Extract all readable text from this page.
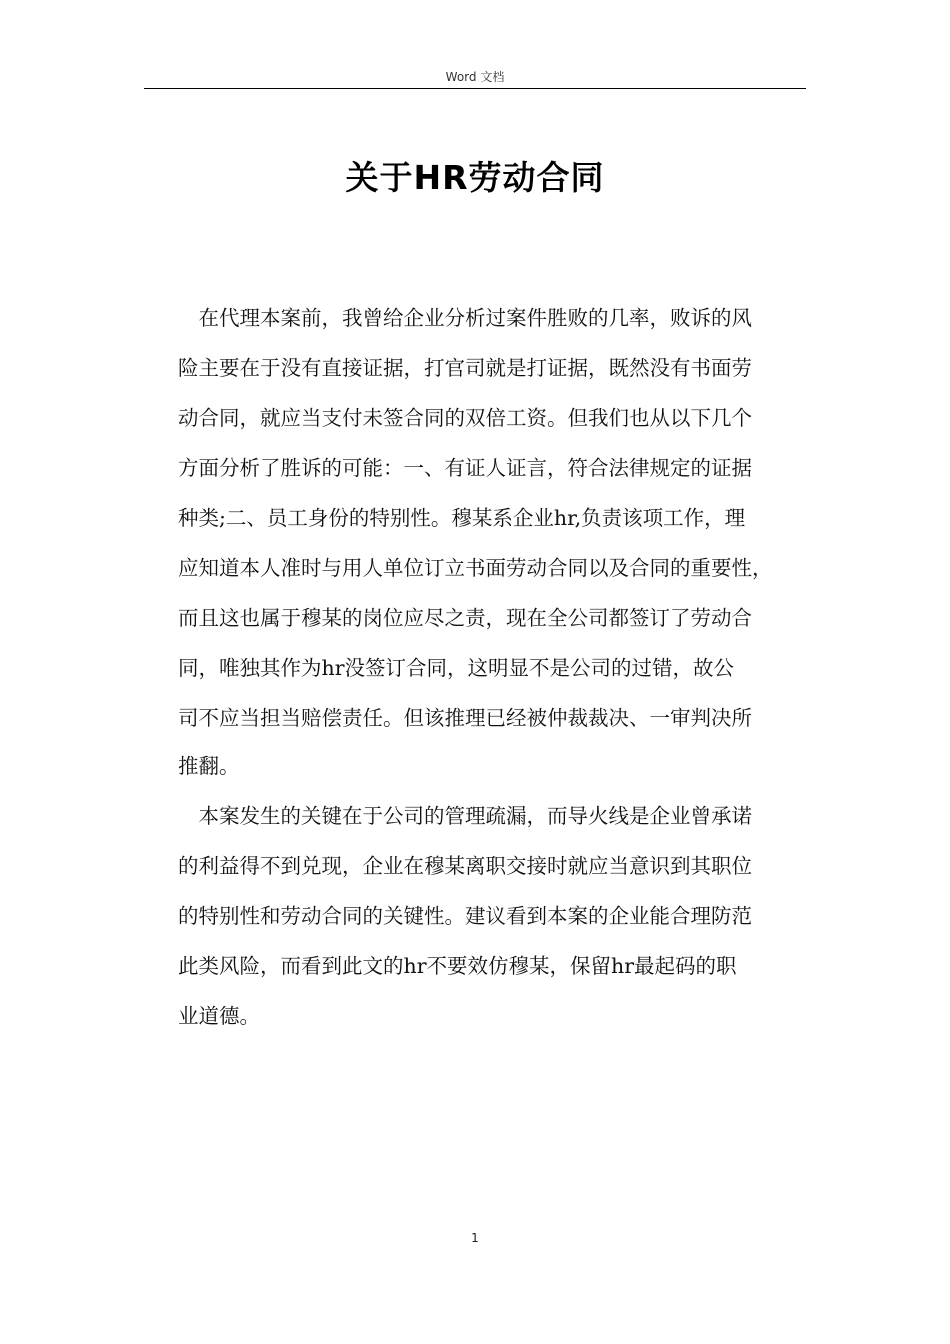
Word 文档
关于HR劳动合同
　在代理本案前，我曾给企业分析过案件胜败的几率，败诉的风
险主要在于没有直接证据，打官司就是打证据，既然没有书面劳
动合同，就应当支付未签合同的双倍工资。但我们也从以下几个
方面分析了胜诉的可能：一、有证人证言，符合法律规定的证据
种类;二、员工身份的特别性。穆某系企业hr,负责该项工作，理
应知道本人准时与用人单位订立书面劳动合同以及合同的重要性，
而且这也属于穆某的岗位应尽之责，现在全公司都签订了劳动合
同，唯独其作为hr没签订合同，这明显不是公司的过错，故公
司不应当担当赔偿责任。但该推理已经被仲裁裁决、一审判决所
推翻。
　本案发生的关键在于公司的管理疏漏，而导火线是企业曾承诺
的利益得不到兑现，企业在穆某离职交接时就应当意识到其职位
的特别性和劳动合同的关键性。建议看到本案的企业能合理防范
此类风险，而看到此文的hr不要效仿穆某，保留hr最起码的职
业道德。
1
